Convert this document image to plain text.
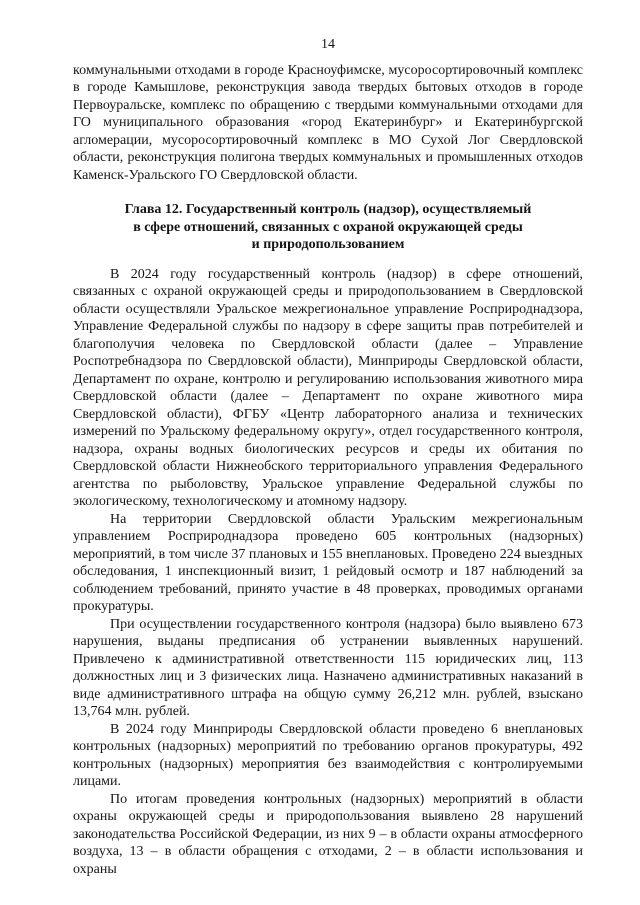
14

коммунальными отходами в городе Красноуфимске, мусоросортировочный комплекс в городе Камышлове, реконструкция завода твердых бытовых отходов в городе Первоуральске, комплекс по обращению с твердыми коммунальными отходами для ГО муниципального образования «город Екатеринбург» и Екатеринбургской агломерации, мусоросортировочный комплекс в МО Сухой Лог Свердловской области, реконструкция полигона твердых коммунальных и промышленных отходов Каменск-Уральского ГО Свердловской области.

Глава 12. Государственный контроль (надзор), осуществляемый
в сфере отношений, связанных с охраной окружающей среды
и природопользованием

В 2024 году государственный контроль (надзор) в сфере отношений, связанных с охраной окружающей среды и природопользованием в Свердловской области осуществляли Уральское межрегиональное управление Росприроднадзора, Управление Федеральной службы по надзору в сфере защиты прав потребителей и благополучия человека по Свердловской области (далее – Управление Роспотребнадзора по Свердловской области), Минприроды Свердловской области, Департамент по охране, контролю и регулированию использования животного мира Свердловской области (далее – Департамент по охране животного мира Свердловской области), ФГБУ «Центр лабораторного анализа и технических измерений по Уральскому федеральному округу», отдел государственного контроля, надзора, охраны водных биологических ресурсов и среды их обитания по Свердловской области Нижнеобского территориального управления Федерального агентства по рыболовству, Уральское управление Федеральной службы по экологическому, технологическому и атомному надзору.

На территории Свердловской области Уральским межрегиональным управлением Росприроднадзора проведено 605 контрольных (надзорных) мероприятий, в том числе 37 плановых и 155 внеплановых. Проведено 224 выездных обследования, 1 инспекционный визит, 1 рейдовый осмотр и 187 наблюдений за соблюдением требований, принято участие в 48 проверках, проводимых органами прокуратуры.

При осуществлении государственного контроля (надзора) было выявлено 673 нарушения, выданы предписания об устранении выявленных нарушений. Привлечено к административной ответственности 115 юридических лиц, 113 должностных лиц и 3 физических лица. Назначено административных наказаний в виде административного штрафа на общую сумму 26,212 млн. рублей, взыскано 13,764 млн. рублей.

В 2024 году Минприроды Свердловской области проведено 6 внеплановых контрольных (надзорных) мероприятий по требованию органов прокуратуры, 492 контрольных (надзорных) мероприятия без взаимодействия с контролируемыми лицами.

По итогам проведения контрольных (надзорных) мероприятий в области охраны окружающей среды и природопользования выявлено 28 нарушений законодательства Российской Федерации, из них 9 – в области охраны атмосферного воздуха, 13 – в области обращения с отходами, 2 – в области использования и охраны
